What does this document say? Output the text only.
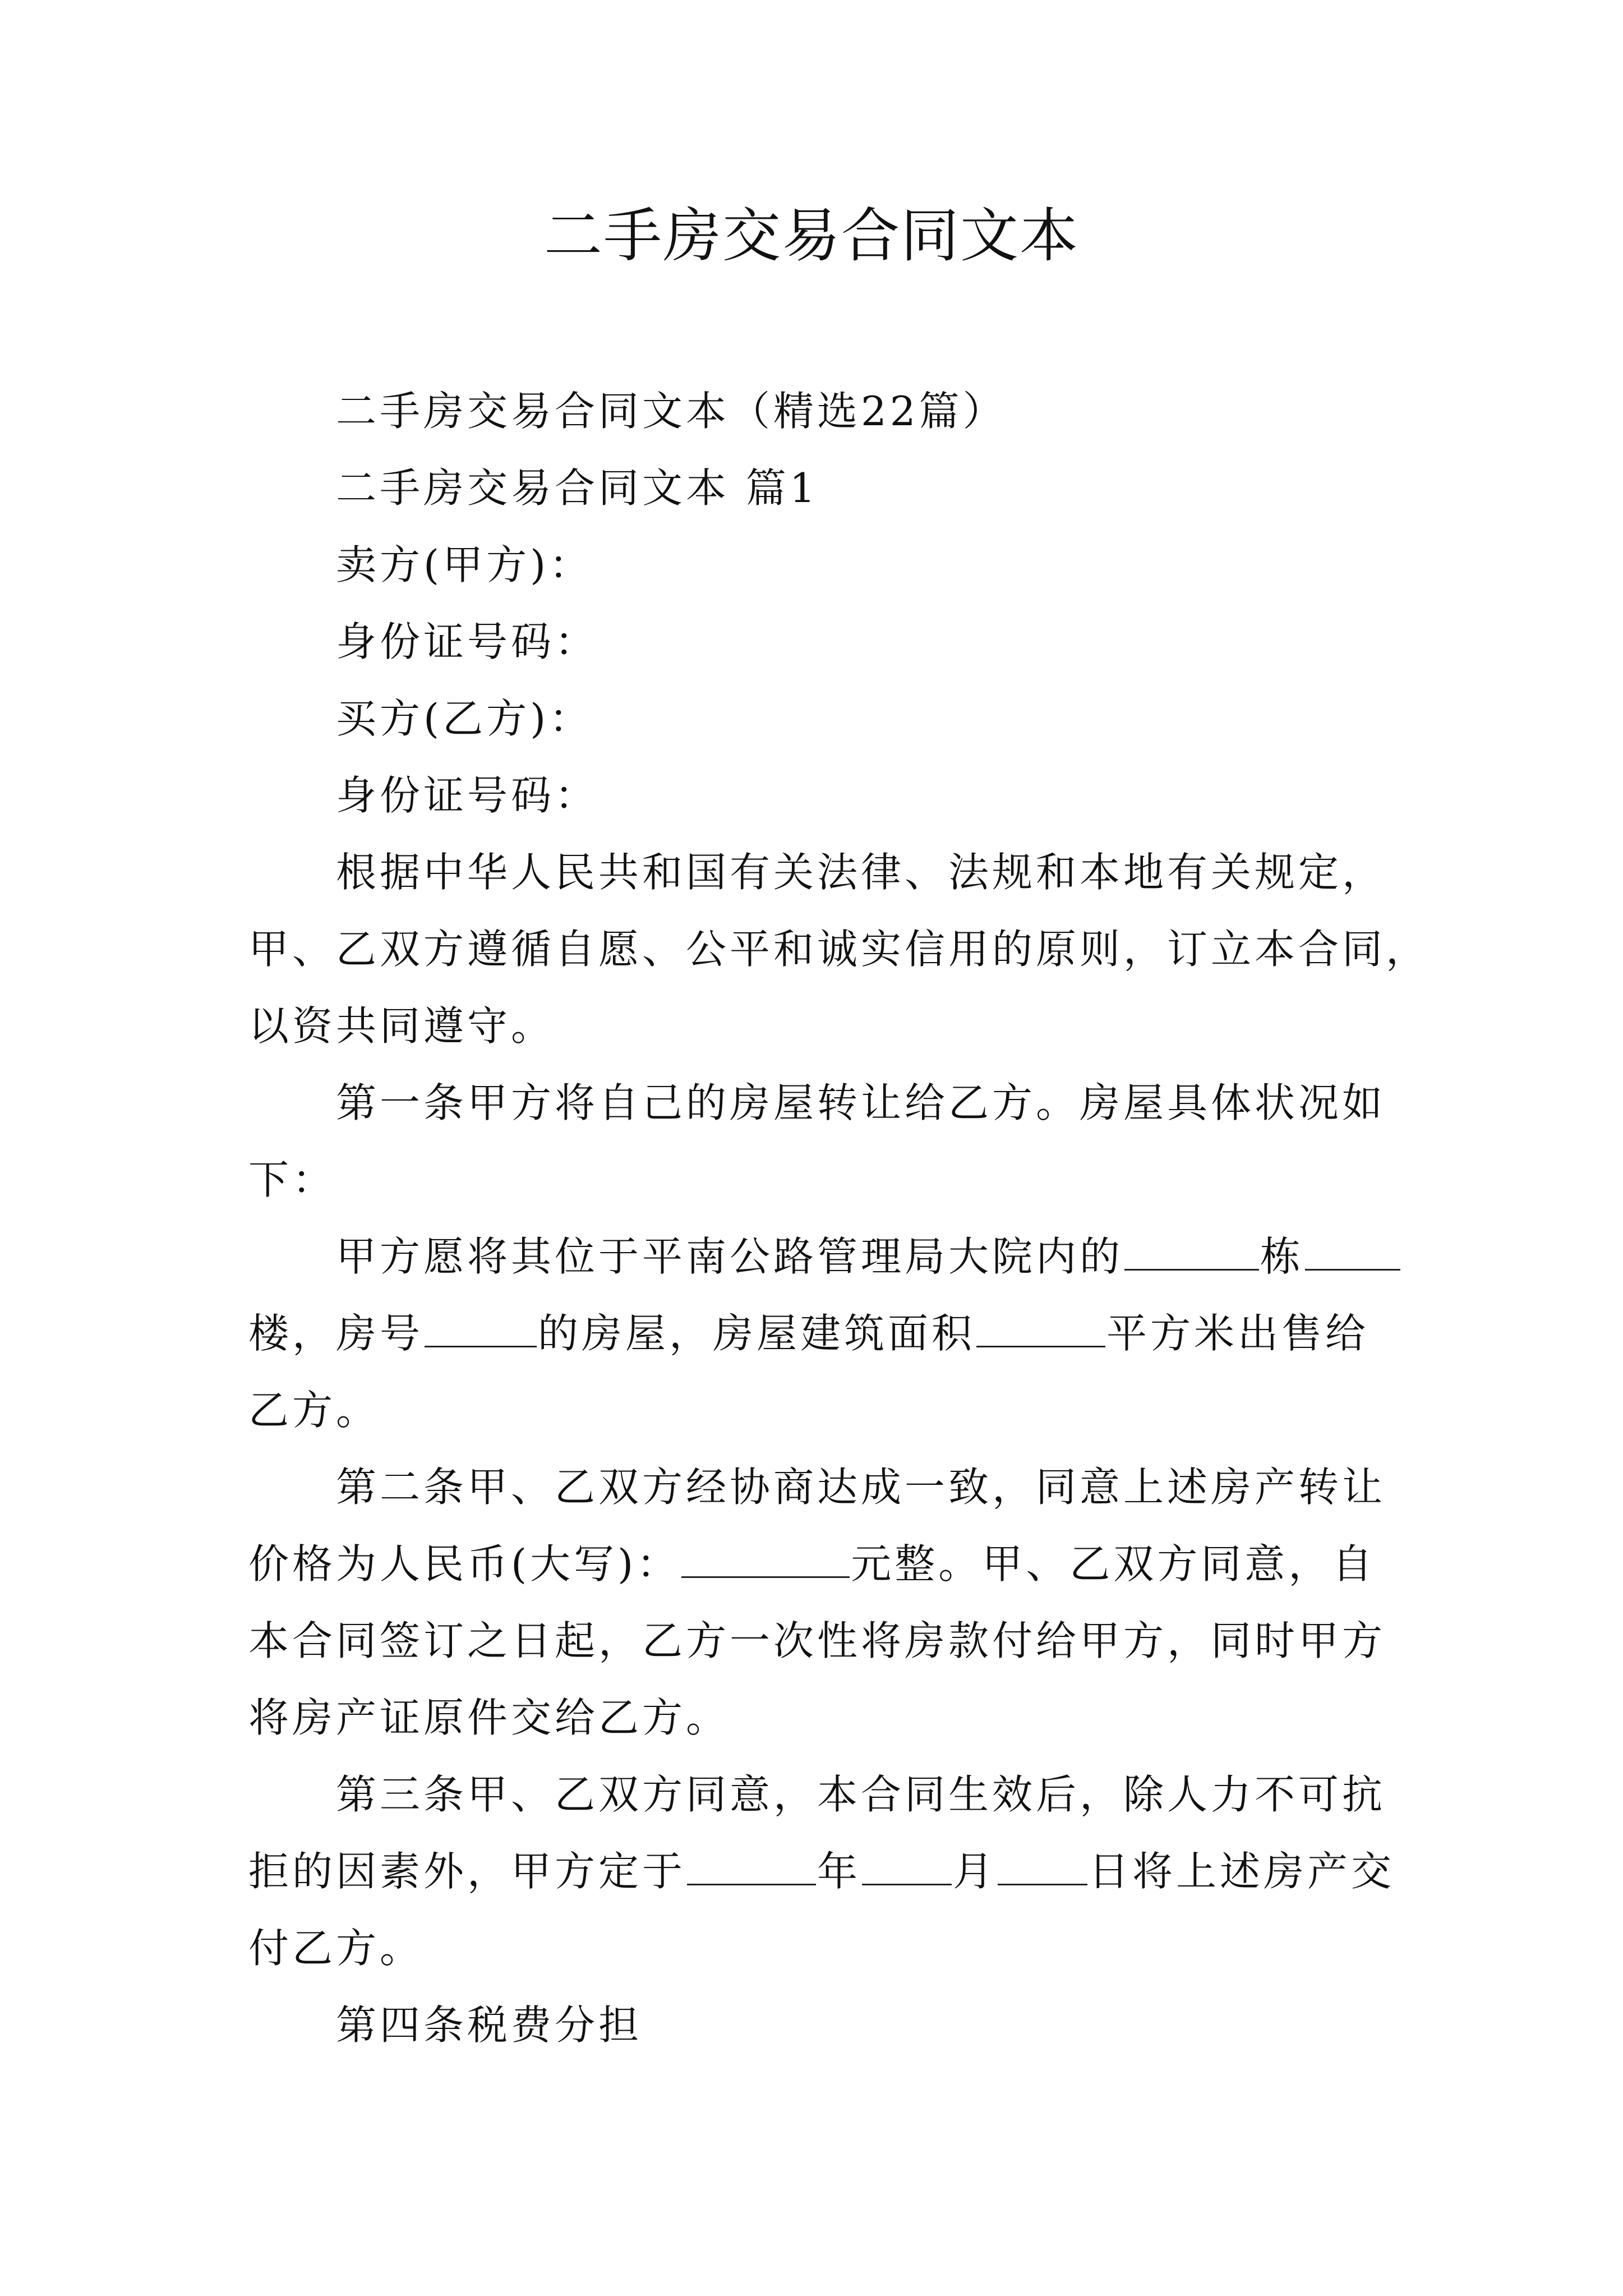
二手房交易合同文本
二手房交易合同文本（精选22篇）
二手房交易合同文本 篇1
卖方(甲方)：
身份证号码：
买方(乙方)：
身份证号码：
根据中华人民共和国有关法律、法规和本地有关规定，
甲、乙双方遵循自愿、公平和诚实信用的原则，订立本合同，
以资共同遵守。
第一条甲方将自己的房屋转让给乙方。房屋具体状况如
下：
甲方愿将其位于平南公路管理局大院内的	栋
楼，房号	的房屋，房屋建筑面积	平方米出售给
乙方。
第二条甲、乙双方经协商达成一致，同意上述房产转让
价格为人民币(大写)：	元整。甲、乙双方同意，自
本合同签订之日起，乙方一次性将房款付给甲方，同时甲方
将房产证原件交给乙方。
第三条甲、乙双方同意，本合同生效后，除人力不可抗
拒的因素外，甲方定于	年 月 日将上述房产交
付乙方。
第四条税费分担
